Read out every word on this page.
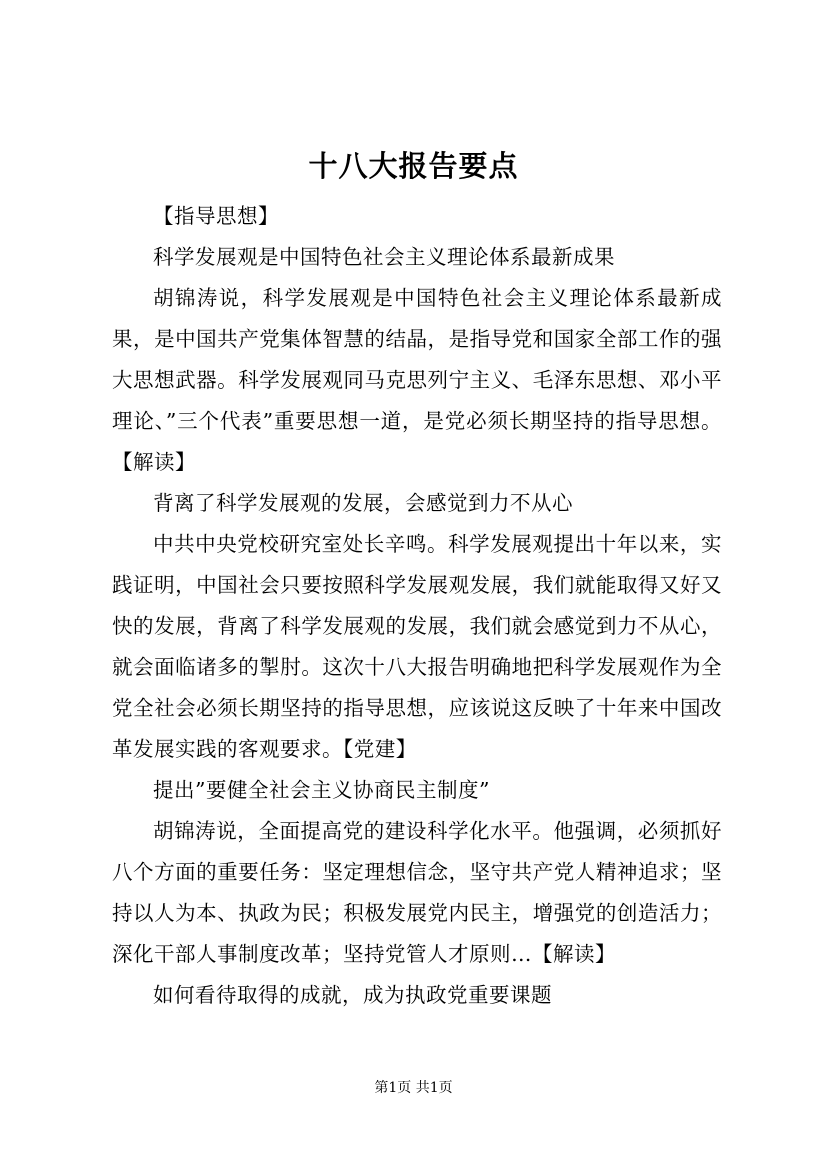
十八大报告要点

【指导思想】

科学发展观是中国特色社会主义理论体系最新成果

胡锦涛说，科学发展观是中国特色社会主义理论体系最新成果，是中国共产党集体智慧的结晶，是指导党和国家全部工作的强大思想武器。科学发展观同马克思列宁主义、毛泽东思想、邓小平理论、”三个代表”重要思想一道，是党必须长期坚持的指导思想。【解读】

背离了科学发展观的发展，会感觉到力不从心

中共中央党校研究室处长辛鸣。科学发展观提出十年以来，实践证明，中国社会只要按照科学发展观发展，我们就能取得又好又快的发展，背离了科学发展观的发展，我们就会感觉到力不从心，就会面临诸多的掣肘。这次十八大报告明确地把科学发展观作为全党全社会必须长期坚持的指导思想，应该说这反映了十年来中国改革发展实践的客观要求。【党建】

提出”要健全社会主义协商民主制度”

胡锦涛说，全面提高党的建设科学化水平。他强调，必须抓好八个方面的重要任务：坚定理想信念，坚守共产党人精神追求；坚持以人为本、执政为民；积极发展党内民主，增强党的创造活力；深化干部人事制度改革；坚持党管人才原则…【解读】

如何看待取得的成就，成为执政党重要课题

第1页 共1页
